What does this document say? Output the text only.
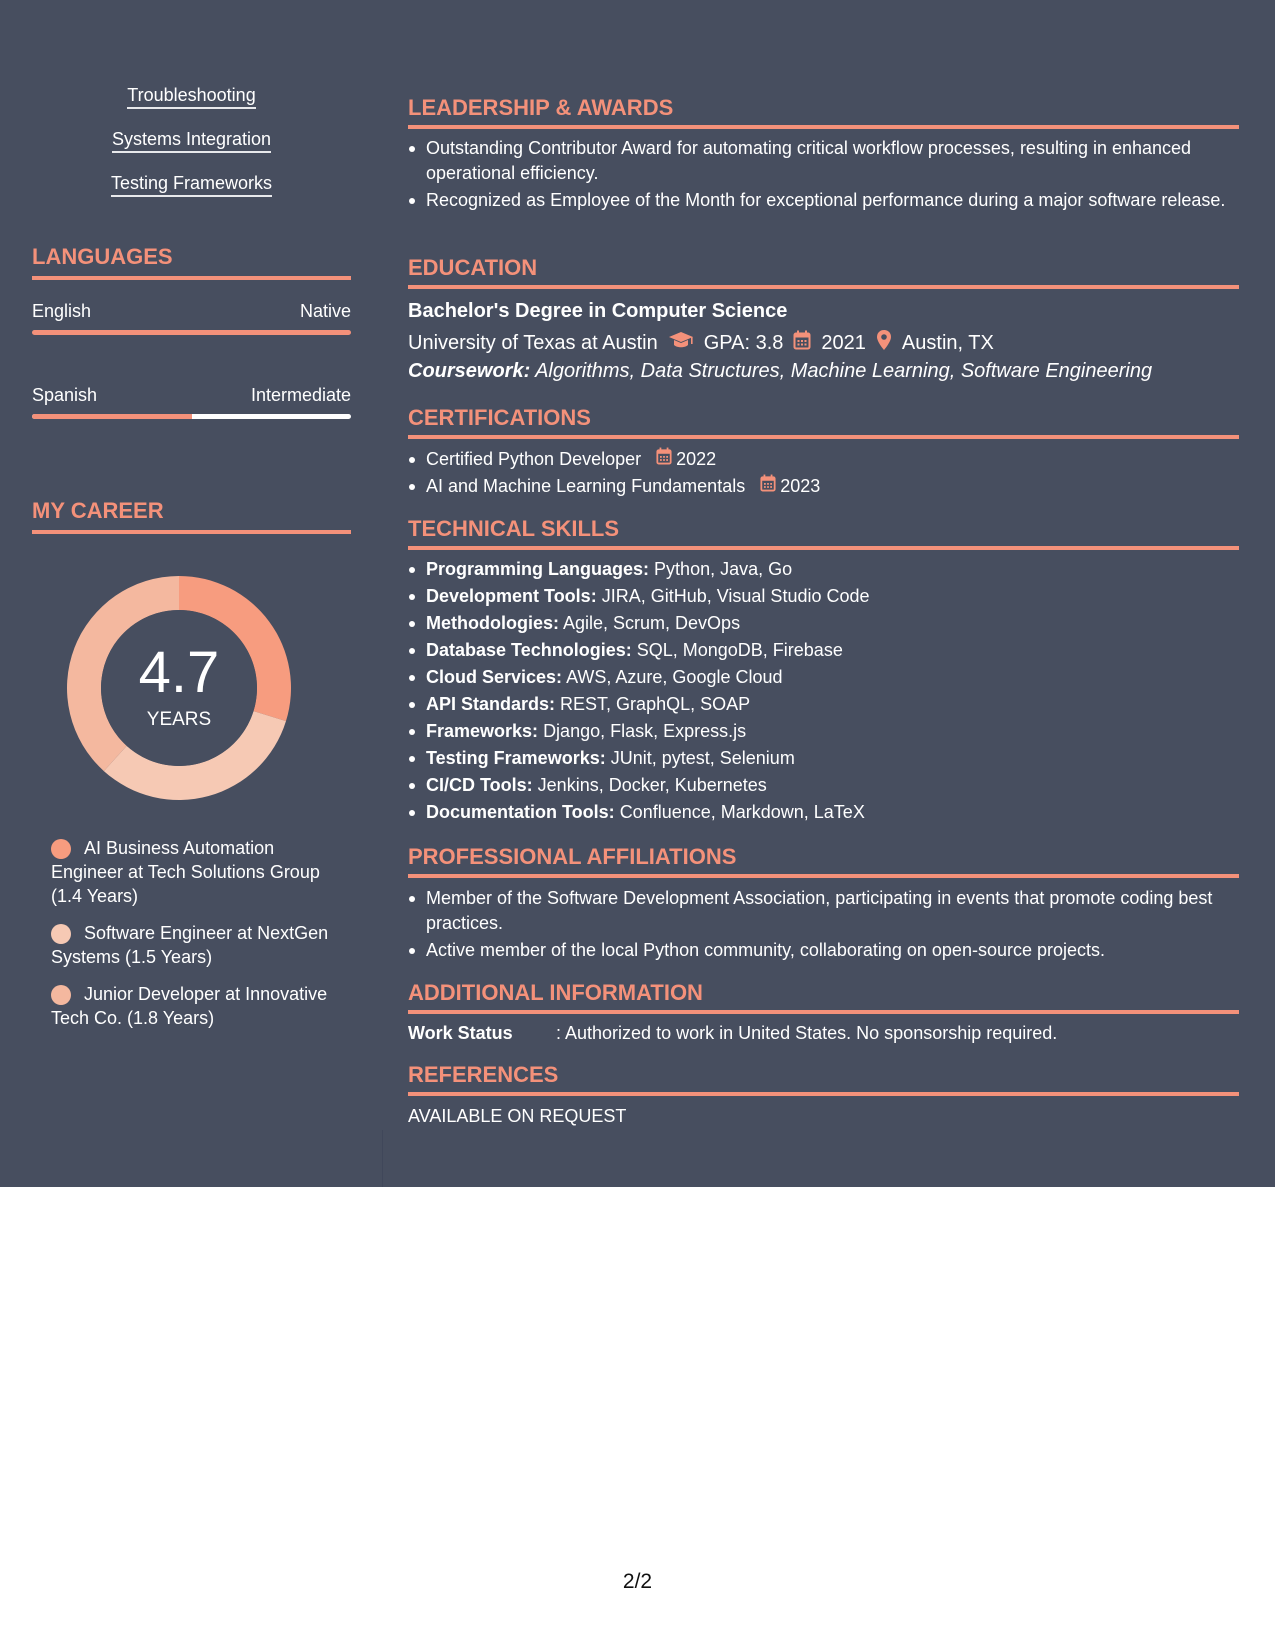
Troubleshooting
Systems Integration
Testing Frameworks
LANGUAGES
English	Native
Spanish	Intermediate
MY CAREER
4.7
YEARS
AI Business Automation Engineer at Tech Solutions Group (1.4 Years)
Software Engineer at NextGen Systems (1.5 Years)
Junior Developer at Innovative Tech Co. (1.8 Years)
LEADERSHIP & AWARDS
Outstanding Contributor Award for automating critical workflow processes, resulting in enhanced operational efficiency.
Recognized as Employee of the Month for exceptional performance during a major software release.
EDUCATION
Bachelor's Degree in Computer Science
University of Texas at Austin GPA: 3.8 2021 Austin, TX
Coursework: Algorithms, Data Structures, Machine Learning, Software Engineering
CERTIFICATIONS
Certified Python Developer 2022
AI and Machine Learning Fundamentals 2023
TECHNICAL SKILLS
Programming Languages: Python, Java, Go
Development Tools: JIRA, GitHub, Visual Studio Code
Methodologies: Agile, Scrum, DevOps
Database Technologies: SQL, MongoDB, Firebase
Cloud Services: AWS, Azure, Google Cloud
API Standards: REST, GraphQL, SOAP
Frameworks: Django, Flask, Express.js
Testing Frameworks: JUnit, pytest, Selenium
CI/CD Tools: Jenkins, Docker, Kubernetes
Documentation Tools: Confluence, Markdown, LaTeX
PROFESSIONAL AFFILIATIONS
Member of the Software Development Association, participating in events that promote coding best practices.
Active member of the local Python community, collaborating on open-source projects.
ADDITIONAL INFORMATION
Work Status : Authorized to work in United States. No sponsorship required.
REFERENCES
AVAILABLE ON REQUEST
2/2
